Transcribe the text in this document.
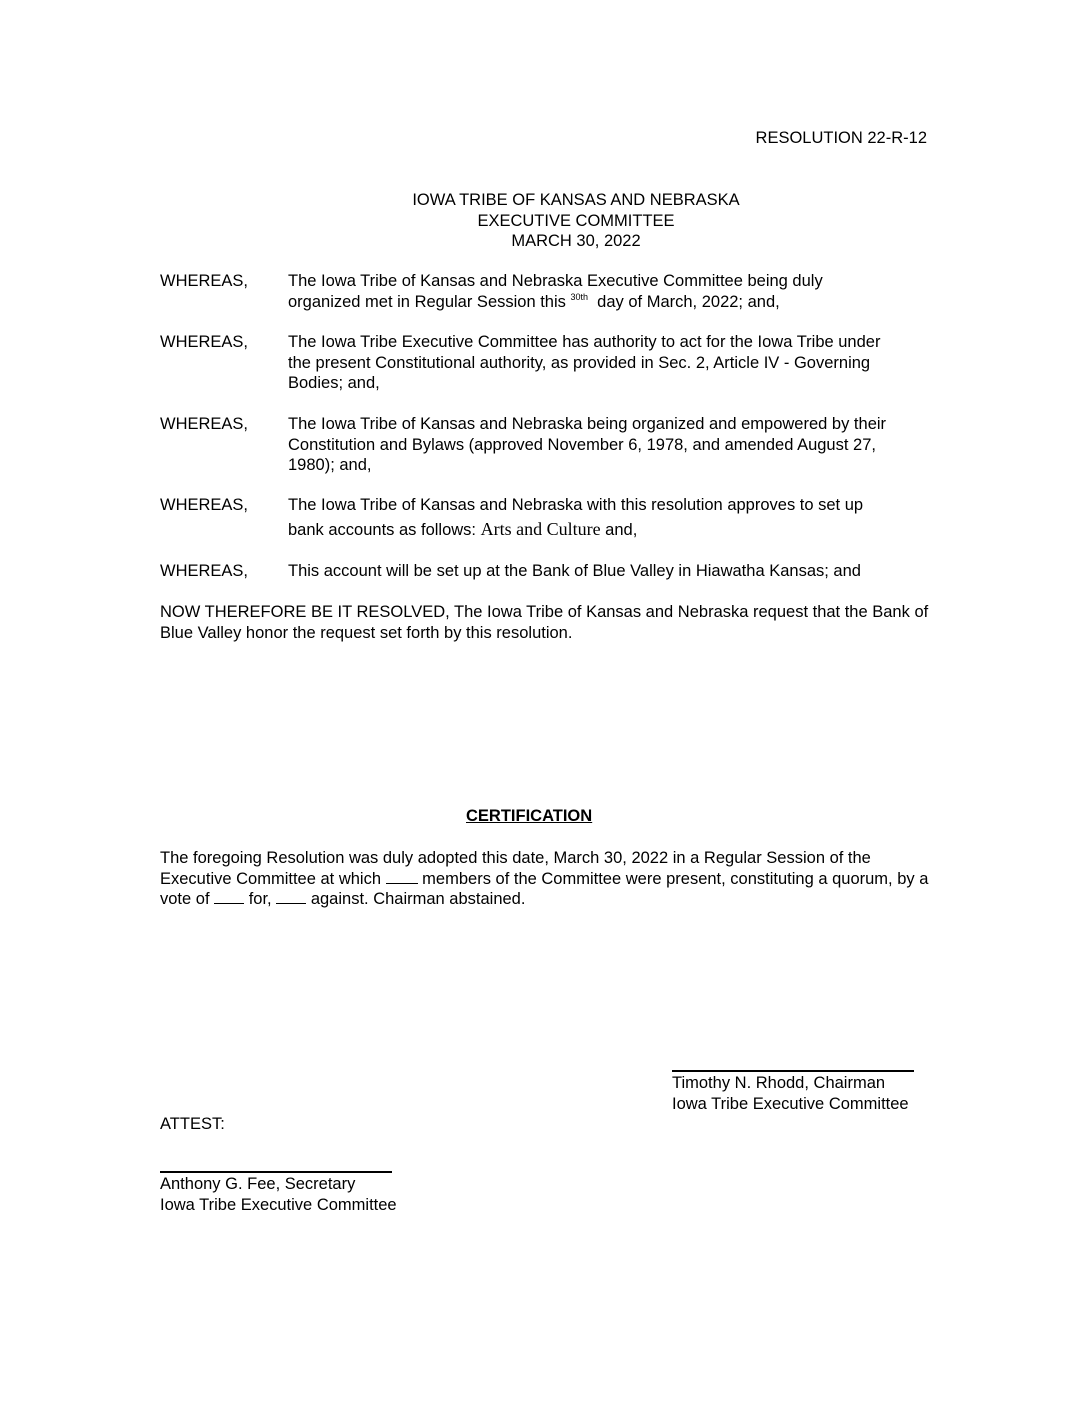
RESOLUTION 22-R-12
IOWA TRIBE OF KANSAS AND NEBRASKA
EXECUTIVE COMMITTEE
MARCH 30, 2022
WHEREAS, The Iowa Tribe of Kansas and Nebraska Executive Committee being duly
organized met in Regular Session this $^{30th}$  day of March, 2022; and,
WHEREAS, The Iowa Tribe Executive Committee has authority to act for the Iowa Tribe under the present Constitutional authority, as provided in Sec. 2, Article IV - Governing Bodies; and,
WHEREAS, The Iowa Tribe of Kansas and Nebraska being organized and empowered by their Constitution and Bylaws (approved November 6, 1978, and amended August 27, 1980); and,
WHEREAS, The Iowa Tribe of Kansas and Nebraska with this resolution approves to set up
bank accounts as follows: Arts and Culture and,
WHEREAS, This account will be set up at the Bank of Blue Valley in Hiawatha Kansas; and
NOW THEREFORE BE IT RESOLVED, The Iowa Tribe of Kansas and Nebraska request that the Bank of Blue Valley honor the request set forth by this resolution.
CERTIFICATION
The foregoing Resolution was duly adopted this date, March 30, 2022 in a Regular Session of the Executive Committee at which  members of the Committee were present, constituting a quorum, by a vote of  for,  against. Chairman abstained.
Timothy N. Rhodd, Chairman
Iowa Tribe Executive Committee
ATTEST:
Anthony G. Fee, Secretary
Iowa Tribe Executive Committee
